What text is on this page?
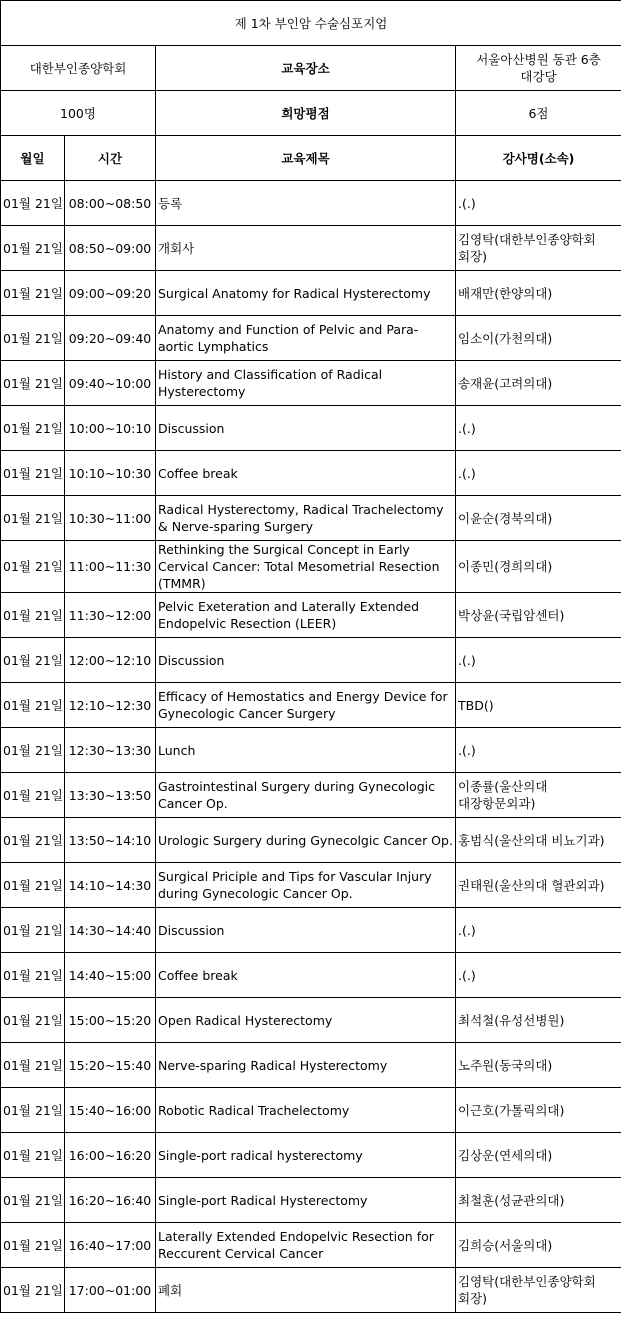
제 1차 부인암 수술심포지엄			
대한부인종양학회		교육장소	서울아산병원 동관 6층 대강당
100명		희망평점	6점
월일	시간	교육제목	강사명(소속)
01월 21일	08:00~08:50	등록	.(.)
01월 21일	08:50~09:00	개회사	김영탁(대한부인종양학회 회장)
01월 21일	09:00~09:20	Surgical Anatomy for Radical Hysterectomy	배재만(한양의대)
01월 21일	09:20~09:40	Anatomy and Function of Pelvic and Para-aortic Lymphatics	임소이(가천의대)
01월 21일	09:40~10:00	History and Classification of Radical Hysterectomy	송재윤(고려의대)
01월 21일	10:00~10:10	Discussion	.(.)
01월 21일	10:10~10:30	Coffee break	.(.)
01월 21일	10:30~11:00	Radical Hysterectomy, Radical Trachelectomy & Nerve-sparing Surgery	이윤순(경북의대)
01월 21일	11:00~11:30	Rethinking the Surgical Concept in Early Cervical Cancer: Total Mesometrial Resection (TMMR)	이종민(경희의대)
01월 21일	11:30~12:00	Pelvic Exeteration and Laterally Extended Endopelvic Resection (LEER)	박상윤(국립암센터)
01월 21일	12:00~12:10	Discussion	.(.)
01월 21일	12:10~12:30	Efficacy of Hemostatics and Energy Device for Gynecologic Cancer Surgery	TBD()
01월 21일	12:30~13:30	Lunch	.(.)
01월 21일	13:30~13:50	Gastrointestinal Surgery during Gynecologic Cancer Op.	이종률(울산의대 대장항문외과)
01월 21일	13:50~14:10	Urologic Surgery during Gynecolgic Cancer Op.	홍범식(울산의대 비뇨기과)
01월 21일	14:10~14:30	Surgical Priciple and Tips for Vascular Injury during Gynecologic Cancer Op.	권태원(울산의대 혈관외과)
01월 21일	14:30~14:40	Discussion	.(.)
01월 21일	14:40~15:00	Coffee break	.(.)
01월 21일	15:00~15:20	Open Radical Hysterectomy	최석철(유성선병원)
01월 21일	15:20~15:40	Nerve-sparing Radical Hysterectomy	노주원(동국의대)
01월 21일	15:40~16:00	Robotic Radical Trachelectomy	이근호(가톨릭의대)
01월 21일	16:00~16:20	Single-port radical hysterectomy	김상운(연세의대)
01월 21일	16:20~16:40	Single-port Radical Hysterectomy	최철훈(성균관의대)
01월 21일	16:40~17:00	Laterally Extended Endopelvic Resection for Reccurent Cervical Cancer	김희승(서울의대)
01월 21일	17:00~01:00	폐회	김영탁(대한부인종양학회 회장)
